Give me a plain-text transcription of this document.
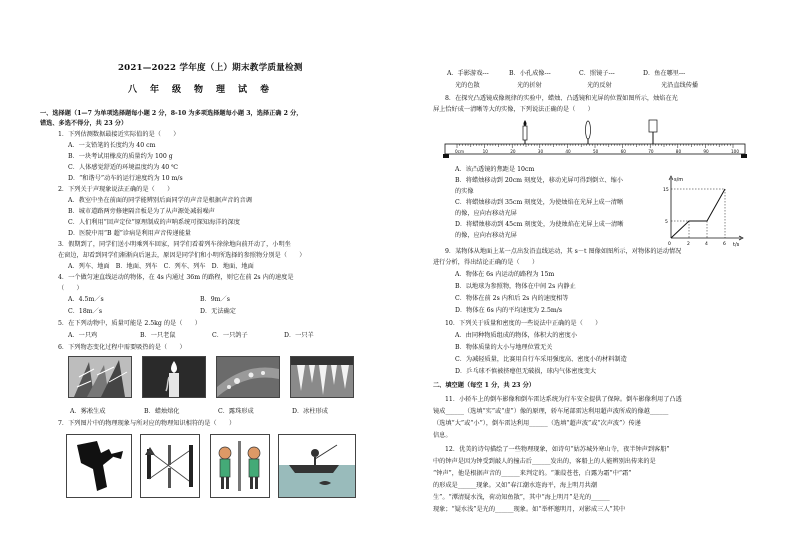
2021—2022 学年度（上）期末教学质量检测
八年级物理试卷
一、选择题（1—7 为单项选择题每小题 2 分，8-10 为多项选择题每小题 3，选择正确 2 分，
错选、多选不得分，共 23 分）
1．下列估测数据最接近实际值的是（　　）
A．一支铅笔的长度约为 40 cm
B．一块考试用橡皮的质量约为 100 g
C．人体感觉舒适的环境温度约为 40 ℃
D．“和谐号”动车的运行速度约为 10 m/s
2．下列关于声现象说法正确的是（　　）
A．教室中坐在前面的同学能辨别后面同学的声音是根据声音的音调
B．城市道路两旁修建隔音板是为了从声源处减弱噪声
C．人们利用“回声定位”原理制成的声呐系统可探知海洋的深度
D．医院中用“B 超”诊病是利用声音传递能量
3．假期到了，同学们送小明乘列车回家，同学们看着列车徐徐地向前开动了，小明坐
在窗边，却看到同学们渐渐向后退去，原因是同学们和小明所选择的参照物分别是（　　）
A．列车、地面　B．地面、列车　C．列车、列车　D．地面、地面
4．一个做匀速直线运动的物体，在 4s 内通过 36m 的路程，则它在前 2s 内的速度是
（　　）
A．4.5m／s	B．9m／s
C．18m／s	D．无法确定
5．在下列动物中，质量可能是 2.5kg 的是（　　）
A．一只鸡	B．一只老鼠	C．一只鸽子	D．一只羊
6．下列物态变化过程中需要吸热的是（　　）
A．雾凇生成	B．蜡烛熔化	C．露珠形成	D．冰柱形成
7．下列图片中的物理现象与所对应的物理知识相符的是（　　）
A．手影游戏---
光的色散
B．小孔成像---
光的折射
C．照镜子---
光的反射
D．鱼在哪里---
光沿直线传播
8．在探究凸透镜成像规律的实验中，蜡烛、凸透镜和光屏的位置如图所示，烛焰在光
屏上恰好成一清晰等大的实像，下列说法正确的是（　　）
0cm	10	20	30	40	50	60	70	80	90	100
A．该凸透镜的焦距是 10cm
B．将蜡烛移动到 20cm 刻度处，移动光屏可得到倒立、缩小
的实像
C．将蜡烛移动到 35cm 刻度处，为使烛焰在光屏上成一清晰
的像，应向右移动光屏
D．将蜡烛移动到 45cm 刻度处，为使烛焰在光屏上成一清晰
的像，应向右移动光屏
s/m
t/s
15
5
0	2	4	6
9．某物体从地面上某一点出发沿直线运动，其 s－t 图像如图所示，对物体的运动情况
进行分析，得出结论正确的是（　　）
A．物体在 6s 内运动的路程为 15m
B．以地球为参照物，物体在中间 2s 内静止
C．物体在前 2s 内和后 2s 内的速度相等
D．物体在 6s 内的平均速度为 2.5m/s
10．下列关于质量和密度的一些说法中正确的是（　　）
A．由同种物质组成的物体，体积大的密度小
B．物体质量的大小与地理位置无关
C．为减轻质量，比赛用自行车采用强度高、密度小的材料制造
D．乒乓球不慎被挤瘪但无破损，球内气体密度变大
二、填空题（每空 1 分，共 23 分）
11．小轿车上的倒车影像和倒车雷达系统为行车安全提供了保障。倒车影像利用了凸透
镜成______（选填“实”或“虚”）像的原理，轿车尾部雷达利用超声波所成的像越______
（选填“大”或“小”），倒车雷达利用______（选填“超声波”或“次声波”）传递
信息。
12．优美的诗句描绘了一些物理现象，如诗句“姑苏城外寒山寺，夜半钟声到客船”
中的钟声是因为钟受到敲人的撞击后______发出的，客船上的人能辨别出传来的是
“钟声”，他是根据声音的______来判定的。“兼葭苍苍，白露为霜”中“霜”
的形成是______现象。又如“春江潮水连海平，海上明月共潮
生”。“潭清疑水浅，荷动知鱼散”，其中“海上明月”是光的______
现象；“疑水浅”是光的______现象。如“举杯邀明月，对影成三人”其中
